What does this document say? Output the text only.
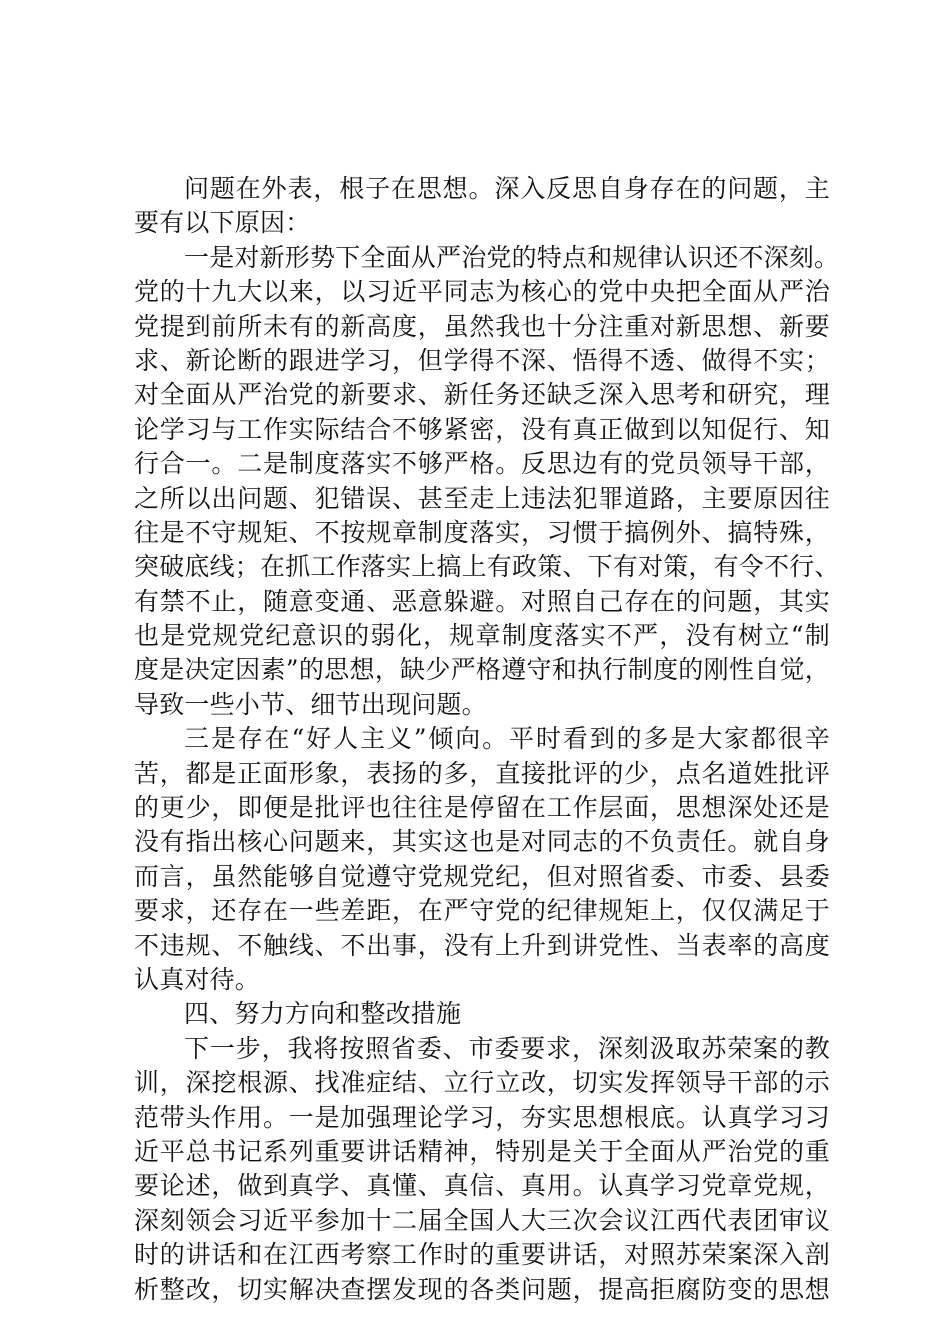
问题在外表，根子在思想。深入反思自身存在的问题，主
要有以下原因：
一是对新形势下全面从严治党的特点和规律认识还不深刻。
党的十九大以来，以习近平同志为核心的党中央把全面从严治
党提到前所未有的新高度，虽然我也十分注重对新思想、新要
求、新论断的跟进学习，但学得不深、悟得不透、做得不实；
对全面从严治党的新要求、新任务还缺乏深入思考和研究，理
论学习与工作实际结合不够紧密，没有真正做到以知促行、知
行合一。二是制度落实不够严格。反思边有的党员领导干部，
之所以出问题、犯错误、甚至走上违法犯罪道路，主要原因往
往是不守规矩、不按规章制度落实，习惯于搞例外、搞特殊，
突破底线；在抓工作落实上搞上有政策、下有对策，有令不行、
有禁不止，随意变通、恶意躲避。对照自己存在的问题，其实
也是党规党纪意识的弱化，规章制度落实不严，没有树立“制
度是决定因素”的思想，缺少严格遵守和执行制度的刚性自觉，
导致一些小节、细节出现问题。
三是存在“好人主义”倾向。平时看到的多是大家都很辛
苦，都是正面形象，表扬的多，直接批评的少，点名道姓批评
的更少，即便是批评也往往是停留在工作层面，思想深处还是
没有指出核心问题来，其实这也是对同志的不负责任。就自身
而言，虽然能够自觉遵守党规党纪，但对照省委、市委、县委
要求，还存在一些差距，在严守党的纪律规矩上，仅仅满足于
不违规、不触线、不出事，没有上升到讲党性、当表率的高度
认真对待。
四、努力方向和整改措施
下一步，我将按照省委、市委要求，深刻汲取苏荣案的教
训，深挖根源、找准症结、立行立改，切实发挥领导干部的示
范带头作用。一是加强理论学习，夯实思想根底。认真学习习
近平总书记系列重要讲话精神，特别是关于全面从严治党的重
要论述，做到真学、真懂、真信、真用。认真学习党章党规，
深刻领会习近平参加十二届全国人大三次会议江西代表团审议
时的讲话和在江西考察工作时的重要讲话，对照苏荣案深入剖
析整改，切实解决查摆发现的各类问题，提高拒腐防变的思想
